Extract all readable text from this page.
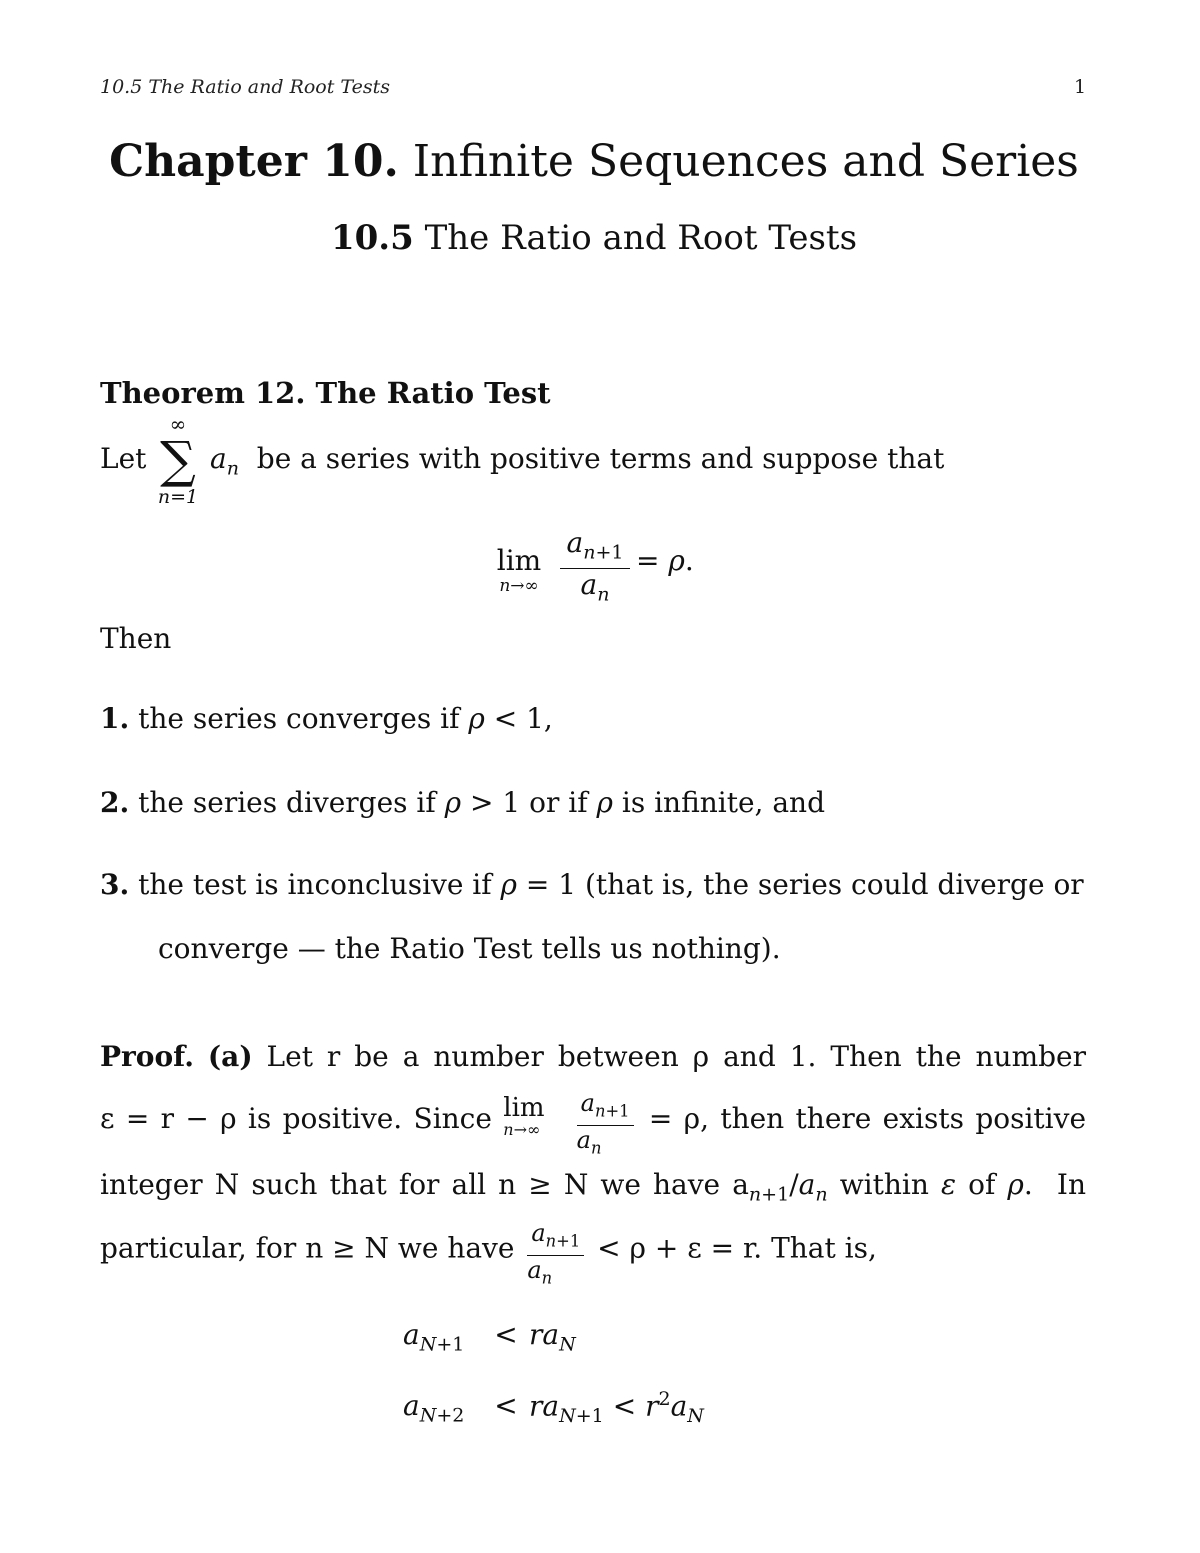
10.5 The Ratio and Root Tests	1
Chapter 10. Infinite Sequences and Series
10.5 The Ratio and Root Tests
Theorem 12. The Ratio Test
Let
∞
∑
n=1
$a_n$ be a series with positive terms and suppose that
lim
$n\to\infty \frac{a_{n+1}}{a_n} = \rho$.
Then
1. the series converges if ρ < 1,
2. the series diverges if ρ > 1 or if ρ is infinite, and
3. the test is inconclusive if ρ = 1 (that is, the series could diverge or
converge — the Ratio Test tells us nothing).
Proof. (a) Let r be a number between ρ and 1. Then the number
ε = r − ρ is positive. Since lim
n→∞
	$\frac{a_{n+1}}{a_n} = \rho$, then there exists positive
integer N such that for all n ≥ N we have $a_{n+1}/a_n$ within ε of ρ.  In
particular, for n ≥ N we have $\frac{a_{n+1}}{a_n} < \rho + \varepsilon = r$. That is,
$a_{N+1} < ra_N$
$a_{N+2} < ra_{N+1} < r^2a_N$
